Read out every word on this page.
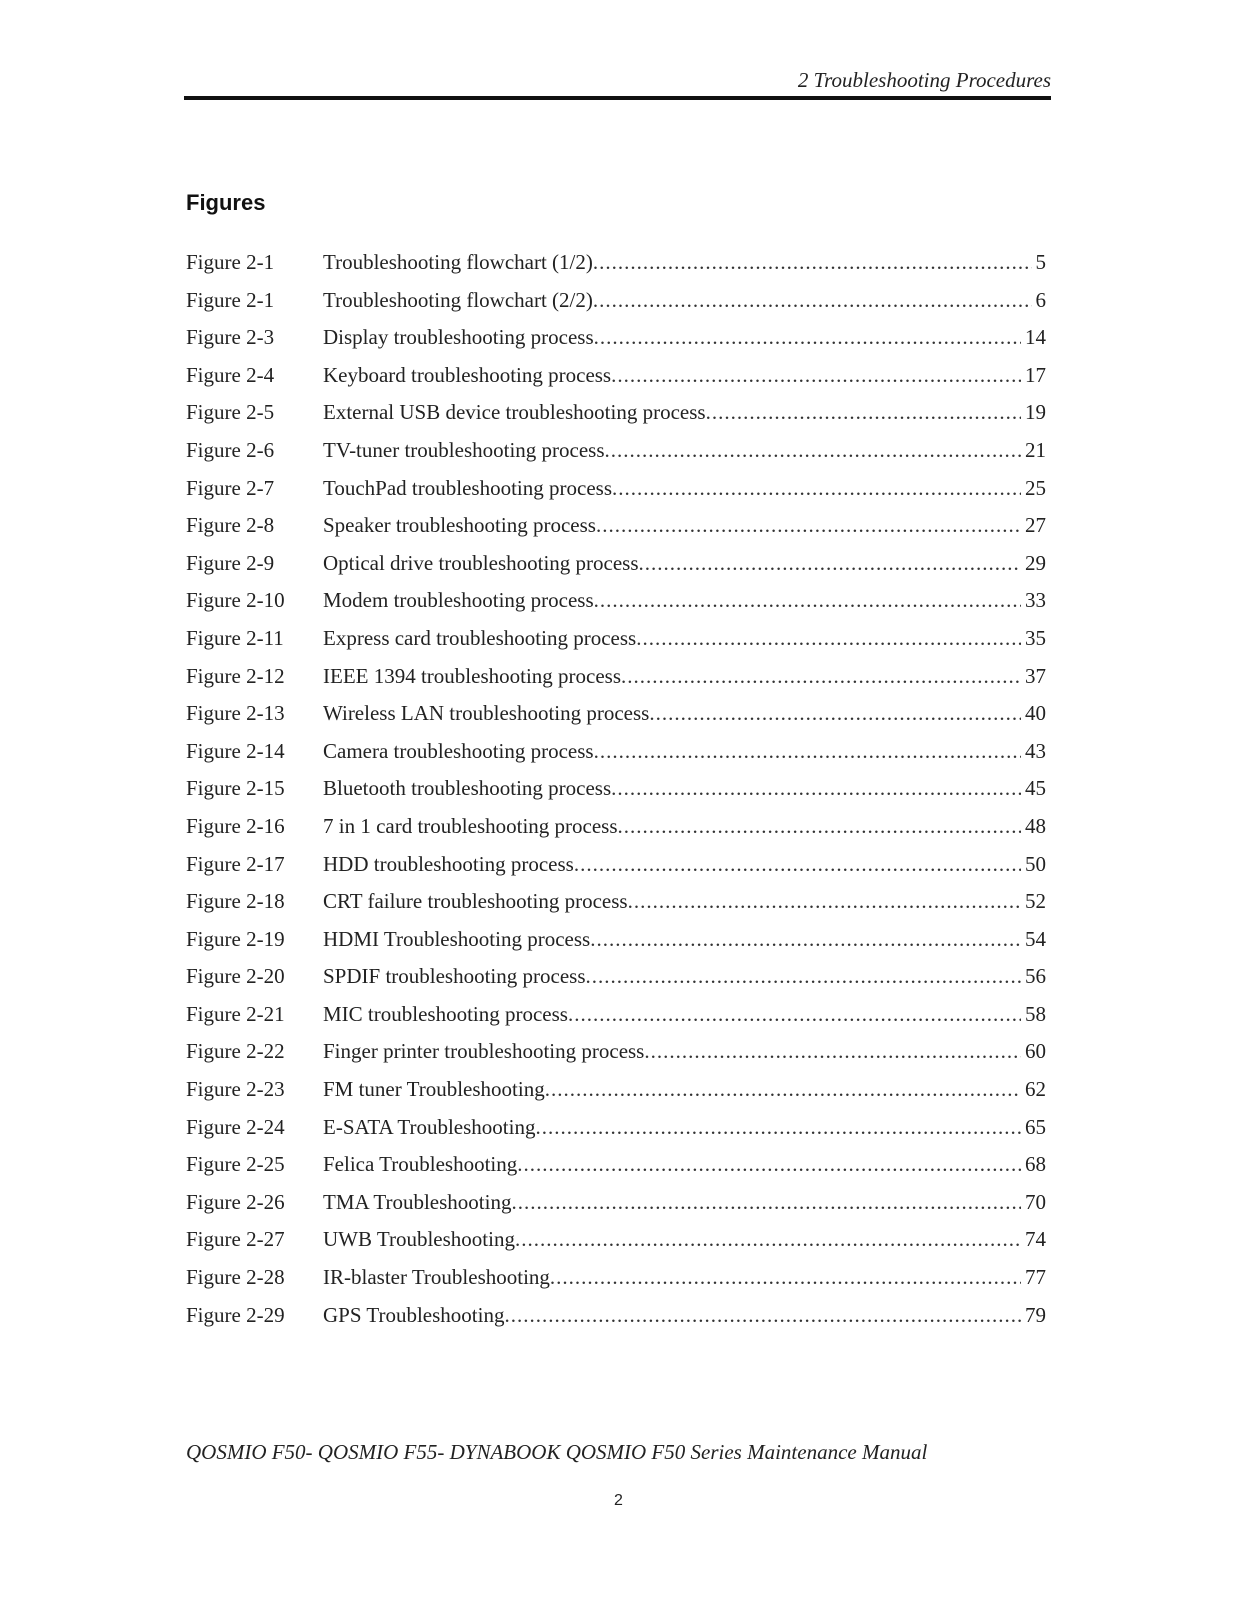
2 Troubleshooting Procedures
Figures
Figure 2-1 Troubleshooting flowchart (1/2) .....	5
Figure 2-1 Troubleshooting flowchart (2/2) .....	6
Figure 2-3 Display troubleshooting process .....	14
Figure 2-4 Keyboard troubleshooting process .....	17
Figure 2-5 External USB device troubleshooting process .....	19
Figure 2-6 TV-tuner troubleshooting process .....	21
Figure 2-7 TouchPad troubleshooting process .....	25
Figure 2-8 Speaker troubleshooting process .....	27
Figure 2-9 Optical drive troubleshooting process .....	29
Figure 2-10 Modem troubleshooting process .....	33
Figure 2-11 Express card troubleshooting process .....	35
Figure 2-12 IEEE 1394 troubleshooting process .....	37
Figure 2-13 Wireless LAN troubleshooting process .....	40
Figure 2-14 Camera troubleshooting process .....	43
Figure 2-15 Bluetooth troubleshooting process .....	45
Figure 2-16 7 in 1 card troubleshooting process .....	48
Figure 2-17 HDD troubleshooting process .....	50
Figure 2-18 CRT failure troubleshooting process .....	52
Figure 2-19 HDMI Troubleshooting process .....	54
Figure 2-20 SPDIF troubleshooting process .....	56
Figure 2-21 MIC troubleshooting process .....	58
Figure 2-22 Finger printer troubleshooting process .....	60
Figure 2-23 FM tuner Troubleshooting .....	62
Figure 2-24 E-SATA Troubleshooting .....	65
Figure 2-25 Felica Troubleshooting .....	68
Figure 2-26 TMA Troubleshooting .....	70
Figure 2-27 UWB Troubleshooting .....	74
Figure 2-28 IR-blaster Troubleshooting .....	77
Figure 2-29 GPS Troubleshooting .....	79
QOSMIO F50- QOSMIO F55- DYNABOOK QOSMIO F50 Series Maintenance Manual
2
